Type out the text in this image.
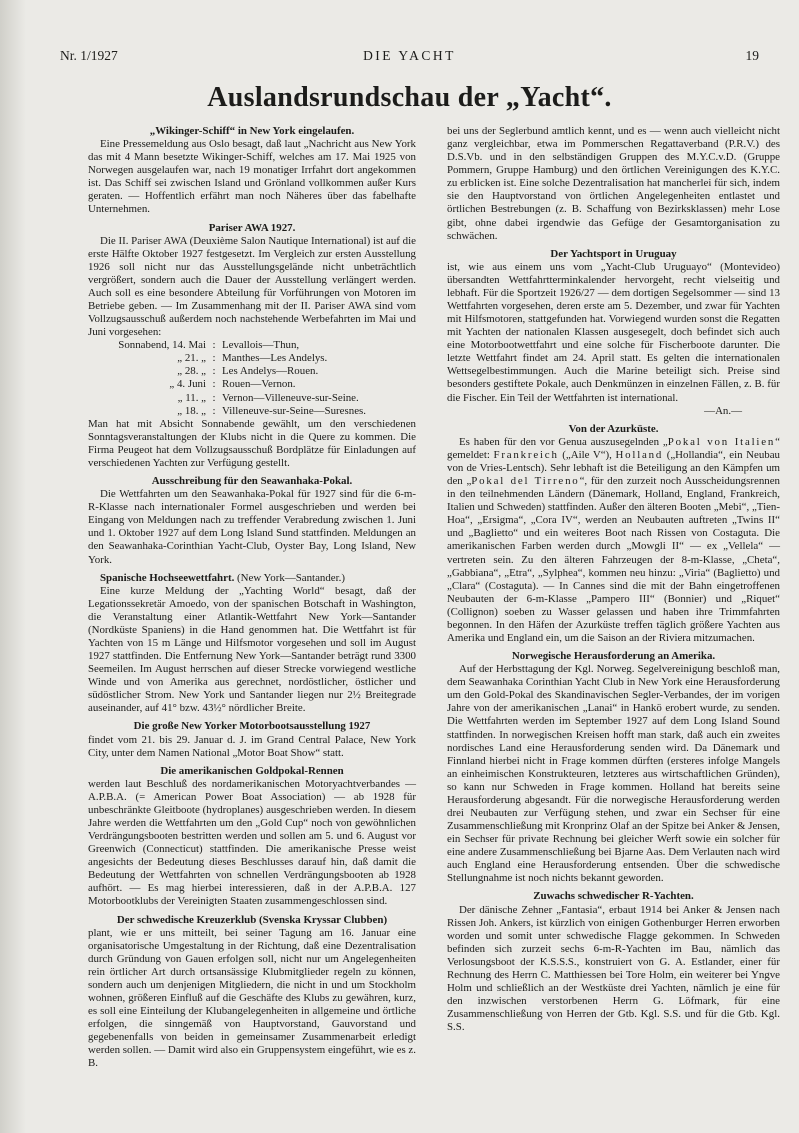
Nr. 1/1927	DIE YACHT	19
Auslandsrundschau der „Yacht“.

„Wikinger-Schiff“ in New York eingelaufen.

Eine Pressemeldung aus Oslo besagt, daß laut „Nachricht aus New York das mit 4 Mann besetzte Wikinger-Schiff, welches am 17. Mai 1925 von Norwegen ausgelaufen war, nach 19 monatiger Irrfahrt dort angekommen ist. Das Schiff sei zwischen Island und Grönland vollkommen außer Kurs geraten. — Hoffentlich erfährt man noch Näheres über das fabelhafte Unternehmen.

Pariser AWA 1927.

Die II. Pariser AWA (Deuxième Salon Nautique International) ist auf die erste Hälfte Oktober 1927 festgesetzt. Im Vergleich zur ersten Ausstellung 1926 soll nicht nur das Ausstellungsgelände nicht unbeträchtlich vergrößert, sondern auch die Dauer der Ausstellung verlängert werden. Auch soll es eine besondere Abteilung für Vorführungen von Motoren im Betriebe geben. — Im Zusammenhang mit der II. Pariser AWA sind vom Vollzugsausschuß außerdem noch nachstehende Werbefahrten im Mai und Juni vorgesehen:

Sonnabend, 14. Mai : Levallois—Thun,
„ 21. „ : Manthes—Les Andelys.
„ 28. „ : Les Andelys—Rouen.
„ 4. Juni : Rouen—Vernon.
„ 11. „ : Vernon—Villeneuve-sur-Seine.
„ 18. „ : Villeneuve-sur-Seine—Suresnes.

Man hat mit Absicht Sonnabende gewählt, um den verschiedenen Sonntagsveranstaltungen der Klubs nicht in die Quere zu kommen. Die Firma Peugeot hat dem Vollzugsausschuß Bordplätze für Einladungen auf verschiedenen Yachten zur Verfügung gestellt.

Ausschreibung für den Seawanhaka-Pokal.

Die Wettfahrten um den Seawanhaka-Pokal für 1927 sind für die 6-m-R-Klasse nach internationaler Formel ausgeschrieben und werden bei Eingang von Meldungen nach zu treffender Verabredung zwischen 1. Juni und 1. Oktober 1927 auf dem Long Island Sund stattfinden. Meldungen an den Seawanhaka-Corinthian Yacht-Club, Oyster Bay, Long Island, New York.

Spanische Hochseewettfahrt. (New York—Santander.)

Eine kurze Meldung der „Yachting World“ besagt, daß der Legationssekretär Amoedo, von der spanischen Botschaft in Washington, die Veranstaltung einer Atlantik-Wettfahrt New York—Santander (Nordküste Spaniens) in die Hand genommen hat. Die Wettfahrt ist für Yachten von 15 m Länge und Hilfsmotor vorgesehen und soll im August 1927 stattfinden. Die Entfernung New York—Santander beträgt rund 3300 Seemeilen. Im August herrschen auf dieser Strecke vorwiegend westliche Winde und von Amerika aus gerechnet, nordöstlicher, östlicher und südöstlicher Strom. New York und Santander liegen nur 2½ Breitegrade auseinander, auf 41° bzw. 43½° nördlicher Breite.

Die große New Yorker Motorbootsausstellung 1927

findet vom 21. bis 29. Januar d. J. im Grand Central Palace, New York City, unter dem Namen National „Motor Boat Show“ statt.

Die amerikanischen Goldpokal-Rennen

werden laut Beschluß des nordamerikanischen Motoryachtverbandes — A.P.B.A. (= American Power Boat Association) — ab 1928 für unbeschränkte Gleitboote (hydroplanes) ausgeschrieben werden. In diesem Jahre werden die Wettfahrten um den „Gold Cup“ noch von gewöhnlichen Verdrängungsbooten bestritten werden und sollen am 5. und 6. August vor Greenwich (Connecticut) stattfinden. Die amerikanische Presse weist angesichts der Bedeutung dieses Beschlusses darauf hin, daß damit die Bedeutung der Wettfahrten von schnellen Verdrängungsbooten ab 1928 aufhört. — Es mag hierbei interessieren, daß in der A.P.B.A. 127 Motorbootklubs der Vereinigten Staaten zusammengeschlossen sind.

Der schwedische Kreuzerklub (Svenska Kryssar Clubben)

plant, wie er uns mitteilt, bei seiner Tagung am 16. Januar eine organisatorische Umgestaltung in der Richtung, daß eine Dezentralisation durch Gründung von Gauen erfolgen soll, nicht nur um Angelegenheiten rein örtlicher Art durch ortsansässige Klubmitglieder regeln zu können, sondern auch um denjenigen Mitgliedern, die nicht in und um Stockholm wohnen, größeren Einfluß auf die Geschäfte des Klubs zu gewähren, kurz, es soll eine Einteilung der Klubangelegenheiten in allgemeine und örtliche erfolgen, die sinngemäß von Hauptvorstand, Gauvorstand und gegebenenfalls von beiden in gemeinsamer Zusammenarbeit erledigt werden sollen. — Damit wird also ein Gruppensystem eingeführt, wie es z. B.

bei uns der Seglerbund amtlich kennt, und es — wenn auch vielleicht nicht ganz vergleichbar, etwa im Pommerschen Regattaverband (P.R.V.) des D.S.Vb. und in den selbständigen Gruppen des M.Y.C.v.D. (Gruppe Pommern, Gruppe Hamburg) und den örtlichen Vereinigungen des K.Y.C. zu erblicken ist. Eine solche Dezentralisation hat mancherlei für sich, indem sie den Hauptvorstand von örtlichen Angelegenheiten entlastet und örtlichen Bestrebungen (z. B. Schaffung von Bezirksklassen) mehr Lose gibt, ohne dabei irgendwie das Gefüge der Gesamtorganisation zu schwächen.

Der Yachtsport in Uruguay

ist, wie aus einem uns vom „Yacht-Club Uruguayo“ (Montevideo) übersandten Wettfahrtterminkalender hervorgeht, recht vielseitig und lebhaft. Für die Sportzeit 1926/27 — dem dortigen Segelsommer — sind 13 Wettfahrten vorgesehen, deren erste am 5. Dezember, und zwar für Yachten mit Hilfsmotoren, stattgefunden hat. Vorwiegend wurden sonst die Regatten mit Yachten der nationalen Klassen ausgesegelt, doch befindet sich auch eine Motorbootwettfahrt und eine solche für Fischerboote darunter. Die letzte Wettfahrt findet am 24. April statt. Es gelten die internationalen Wettsegelbestimmungen. Auch die Marine beteiligt sich. Preise sind besonders gestiftete Pokale, auch Denkmünzen in einzelnen Fällen, z. B. für die Fischer. Ein Teil der Wettfahrten ist international.

—An.—

Von der Azurküste.

Es haben für den vor Genua auszusegelnden „Pokal von Italien“ gemeldet: Frankreich („Aile V“), Holland („Hollandia“, ein Neubau von de Vries-Lentsch). Sehr lebhaft ist die Beteiligung an den Kämpfen um den „Pokal del Tirreno“, für den zurzeit noch Ausscheidungsrennen in den teilnehmenden Ländern (Dänemark, Holland, England, Frankreich, Italien und Schweden) stattfinden. Außer den älteren Booten „Mebi“, „Tien-Hoa“, „Ersigma“, „Cora IV“, werden an Neubauten auftreten „Twins II“ und „Baglietto“ und ein weiteres Boot nach Rissen von Costaguta. Die amerikanischen Farben werden durch „Mowgli II“ — ex „Vellela“ — vertreten sein. Zu den älteren Fahrzeugen der 8-m-Klasse, „Cheta“, „Gabbiana“, „Etra“, „Sylphea“, kommen neu hinzu: „Viria“ (Baglietto) und „Clara“ (Costaguta). — In Cannes sind die mit der Bahn eingetroffenen Neubauten der 6-m-Klasse „Pampero III“ (Bonnier) und „Riquet“ (Collignon) soeben zu Wasser gelassen und haben ihre Trimmfahrten begonnen. In den Häfen der Azurküste treffen täglich größere Yachten aus Amerika und England ein, um die Saison an der Riviera mitzumachen.

Norwegische Herausforderung an Amerika.

Auf der Herbsttagung der Kgl. Norweg. Segelvereinigung beschloß man, dem Seawanhaka Corinthian Yacht Club in New York eine Herausforderung um den Gold-Pokal des Skandinavischen Segler-Verbandes, der im vorigen Jahre von der amerikanischen „Lanai“ in Hankö erobert wurde, zu senden. Die Wettfahrten werden im September 1927 auf dem Long Island Sound stattfinden. In norwegischen Kreisen hofft man stark, daß auch ein zweites nordisches Land eine Herausforderung senden wird. Da Dänemark und Finnland hierbei nicht in Frage kommen dürften (ersteres infolge Mangels an einheimischen Konstrukteuren, letzteres aus wirtschaftlichen Gründen), so kann nur Schweden in Frage kommen. Holland hat bereits seine Herausforderung abgesandt. Für die norwegische Herausforderung werden drei Neubauten zur Verfügung stehen, und zwar ein Sechser für eine Zusammenschließung mit Kronprinz Olaf an der Spitze bei Anker & Jensen, ein Sechser für private Rechnung bei gleicher Werft sowie ein solcher für eine andere Zusammenschließung bei Bjarne Aas. Dem Verlauten nach wird auch England eine Herausforderung entsenden. Über die schwedische Stellungnahme ist noch nichts bekannt geworden.

Zuwachs schwedischer R-Yachten.

Der dänische Zehner „Fantasia“, erbaut 1914 bei Anker & Jensen nach Rissen Joh. Ankers, ist kürzlich von einigen Gothenburger Herren erworben worden und somit unter schwedische Flagge gekommen. In Schweden befinden sich zurzeit sechs 6-m-R-Yachten im Bau, nämlich das Verlosungsboot der K.S.S.S., konstruiert von G. A. Estlander, einer für Rechnung des Herrn C. Matthiessen bei Tore Holm, ein weiterer bei Yngve Holm und schließlich an der Westküste drei Yachten, nämlich je eine für den inzwischen verstorbenen Herrn G. Löfmark, für eine Zusammenschließung von Herren der Gtb. Kgl. S.S. und für die Gtb. Kgl. S.S.
